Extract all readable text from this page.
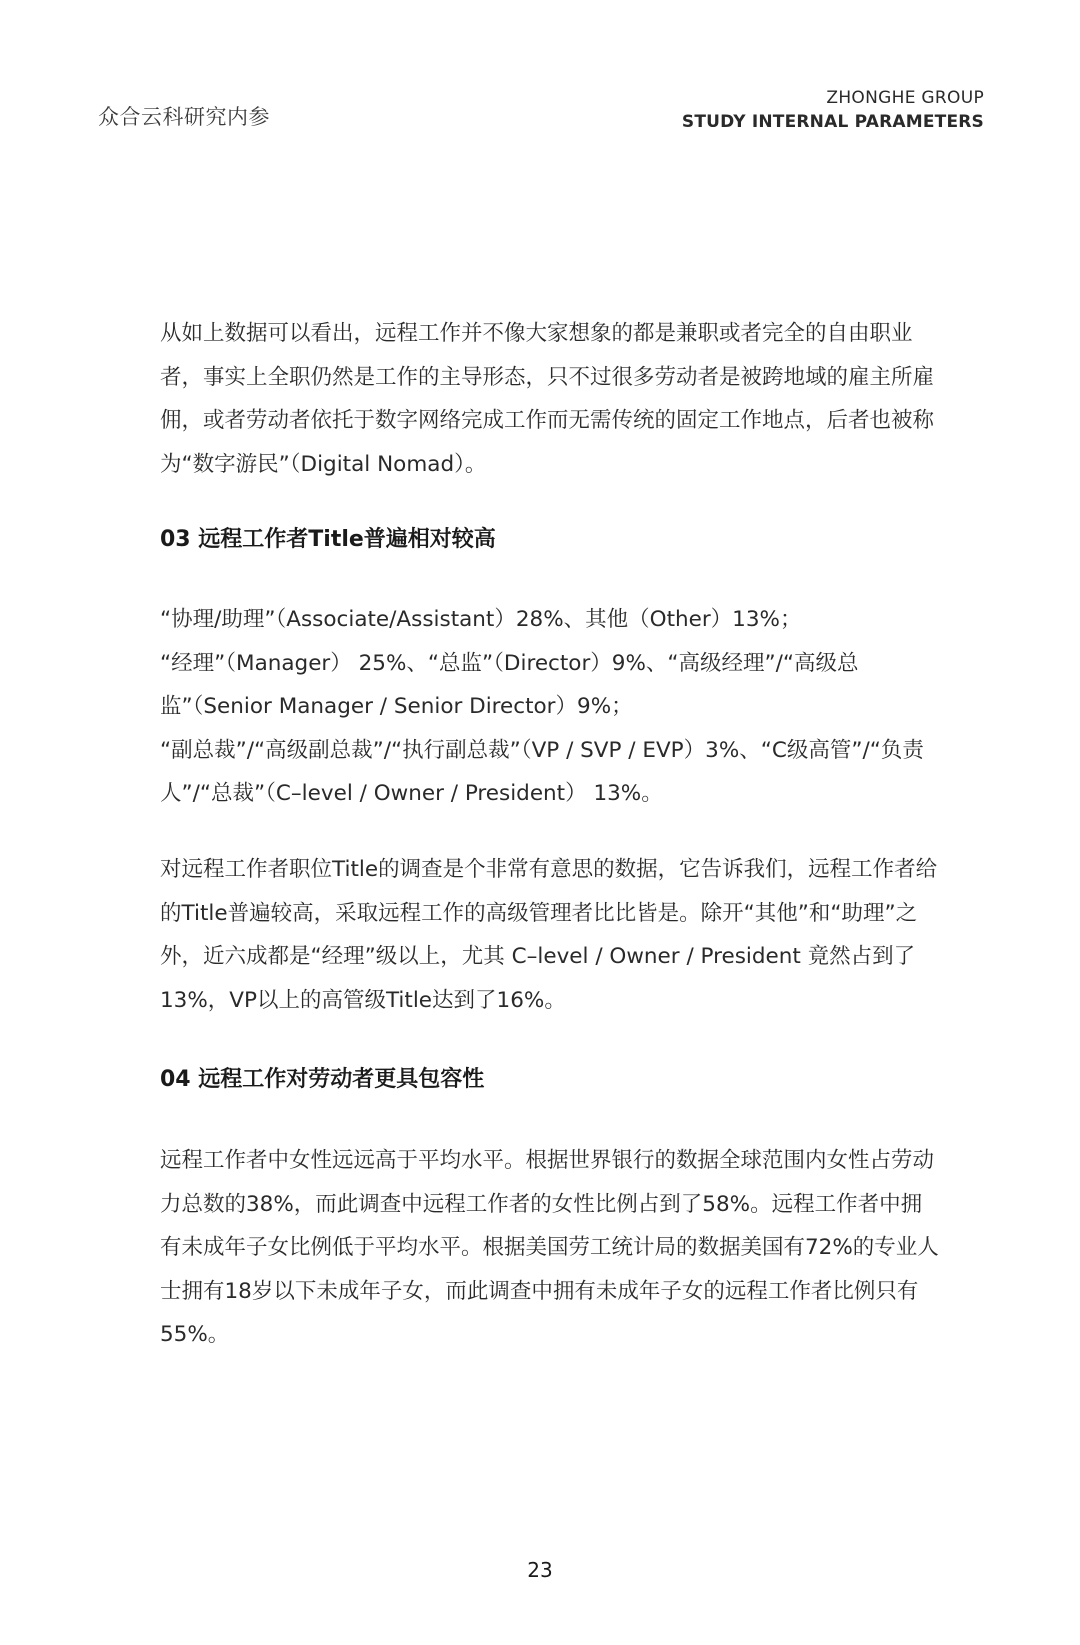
众合云科研究内参
ZHONGHE GROUP
STUDY INTERNAL PARAMETERS

从如上数据可以看出，远程工作并不像大家想象的都是兼职或者完全的自由职业者，事实上全职仍然是工作的主导形态，只不过很多劳动者是被跨地域的雇主所雇佣，或者劳动者依托于数字网络完成工作而无需传统的固定工作地点，后者也被称为“数字游民”（Digital Nomad）。

03 远程工作者Title普遍相对较高

“协理/助理”（Associate/Assistant）28%、其他（Other）13%；

“经理”（Manager） 25%、“总监”（Director）9%、“高级经理”/“高级总监”（Senior Manager / Senior Director）9%；

“副总裁”/“高级副总裁”/“执行副总裁”（VP / SVP / EVP）3%、“C级高管”/“负责人”/“总裁”（C–level / Owner / President） 13%。

对远程工作者职位Title的调查是个非常有意思的数据，它告诉我们，远程工作者给的Title普遍较高，采取远程工作的高级管理者比比皆是。除开“其他”和“助理”之外，近六成都是“经理”级以上，尤其 C–level / Owner / President 竟然占到了13%，VP以上的高管级Title达到了16%。

04 远程工作对劳动者更具包容性

远程工作者中女性远远高于平均水平。根据世界银行的数据全球范围内女性占劳动力总数的38%，而此调查中远程工作者的女性比例占到了58%。远程工作者中拥有未成年子女比例低于平均水平。根据美国劳工统计局的数据美国有72%的专业人士拥有18岁以下未成年子女，而此调查中拥有未成年子女的远程工作者比例只有55%。

23
